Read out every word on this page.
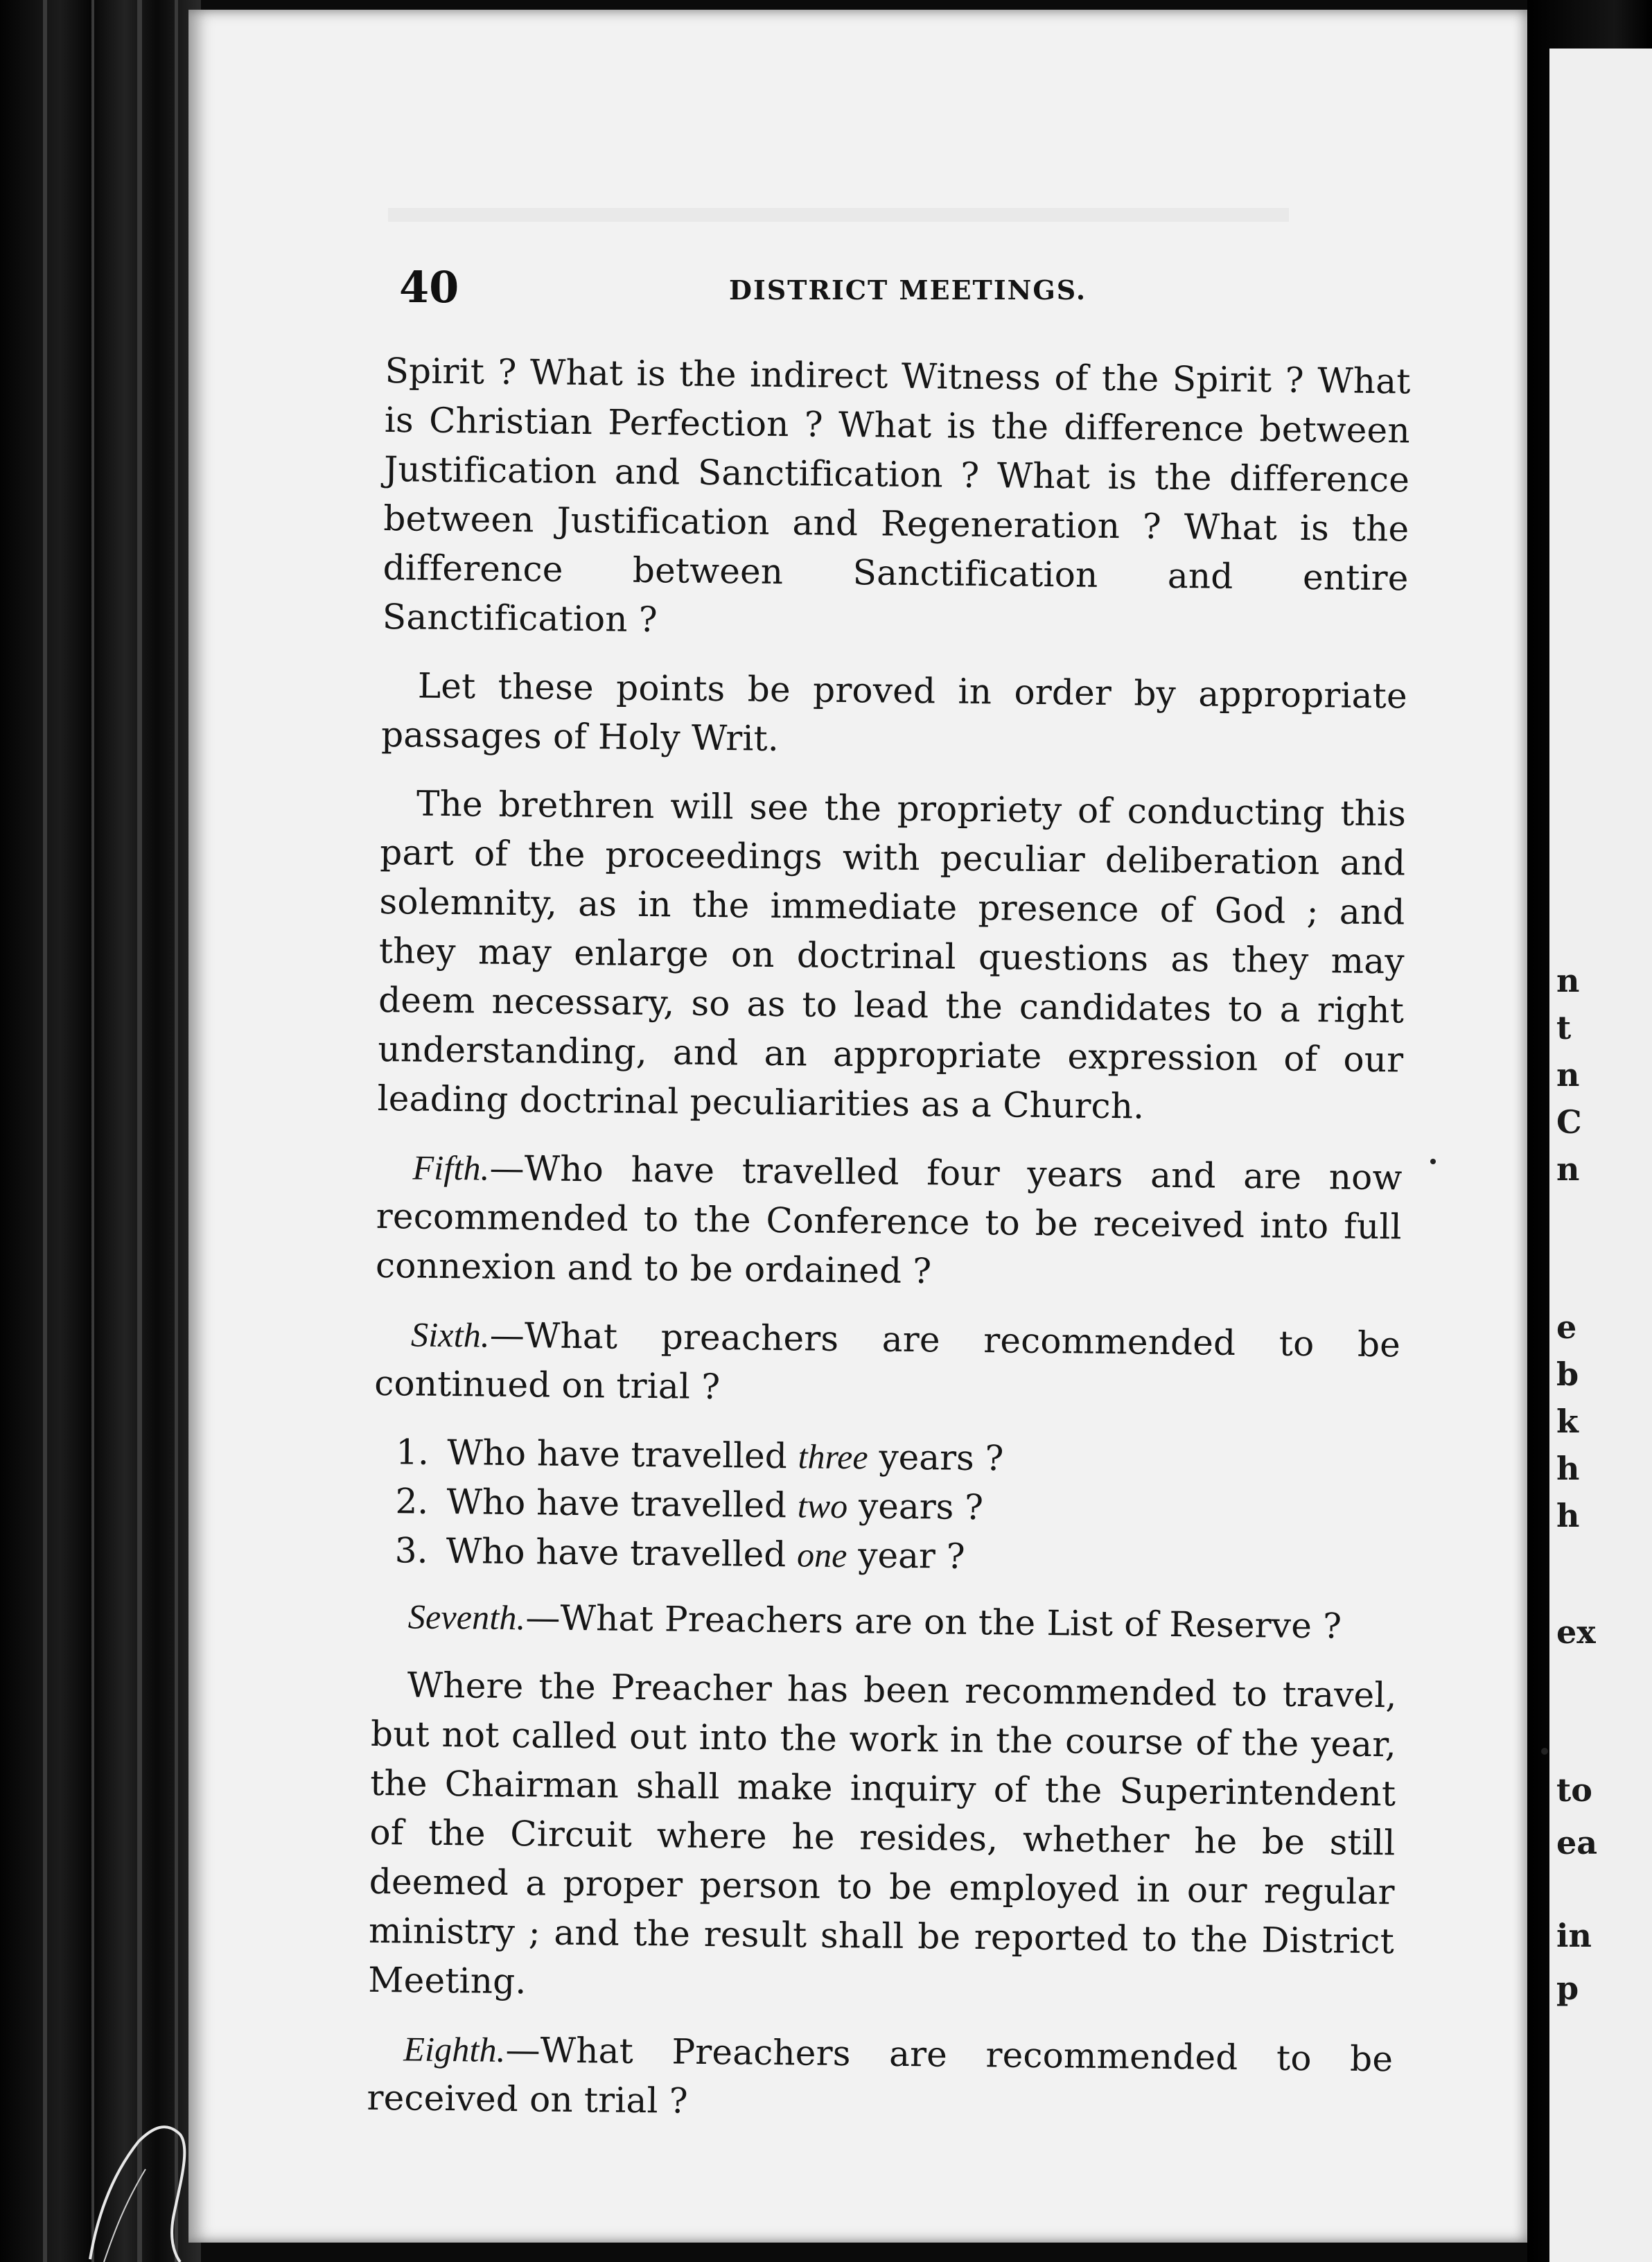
n
t
n
C
n
e
b
k
h
h
ex
to
ea
in
p
40	DISTRICT MEETINGS.

Spirit ? What is the indirect Witness of the Spirit ? What is Christian Perfection ? What is the difference between Justification and Sanctification ? What is the difference between Justification and Regeneration ? What is the difference between Sanctification and entire Sanctification ?

Let these points be proved in order by appropriate passages of Holy Writ.

The brethren will see the propriety of conducting this part of the proceedings with peculiar deliberation and solemnity, as in the immediate presence of God ; and they may enlarge on doctrinal questions as they may deem necessary, so as to lead the candidates to a right understanding, and an appropriate expression of our leading doctrinal peculiarities as a Church.

Fifth.—Who have travelled four years and are now recommended to the Conference to be received into full connexion and to be ordained ?

Sixth.—What preachers are recommended to be continued on trial ?

1. Who have travelled three years ?
2. Who have travelled two years ?
3. Who have travelled one year ?

Seventh.—What Preachers are on the List of Reserve ?

Where the Preacher has been recommended to travel, but not called out into the work in the course of the year, the Chairman shall make inquiry of the Superintendent of the Circuit where he resides, whether he be still deemed a proper person to be employed in our regular ministry ; and the result shall be reported to the District Meeting.

Eighth.—What Preachers are recommended to be received on trial ?
